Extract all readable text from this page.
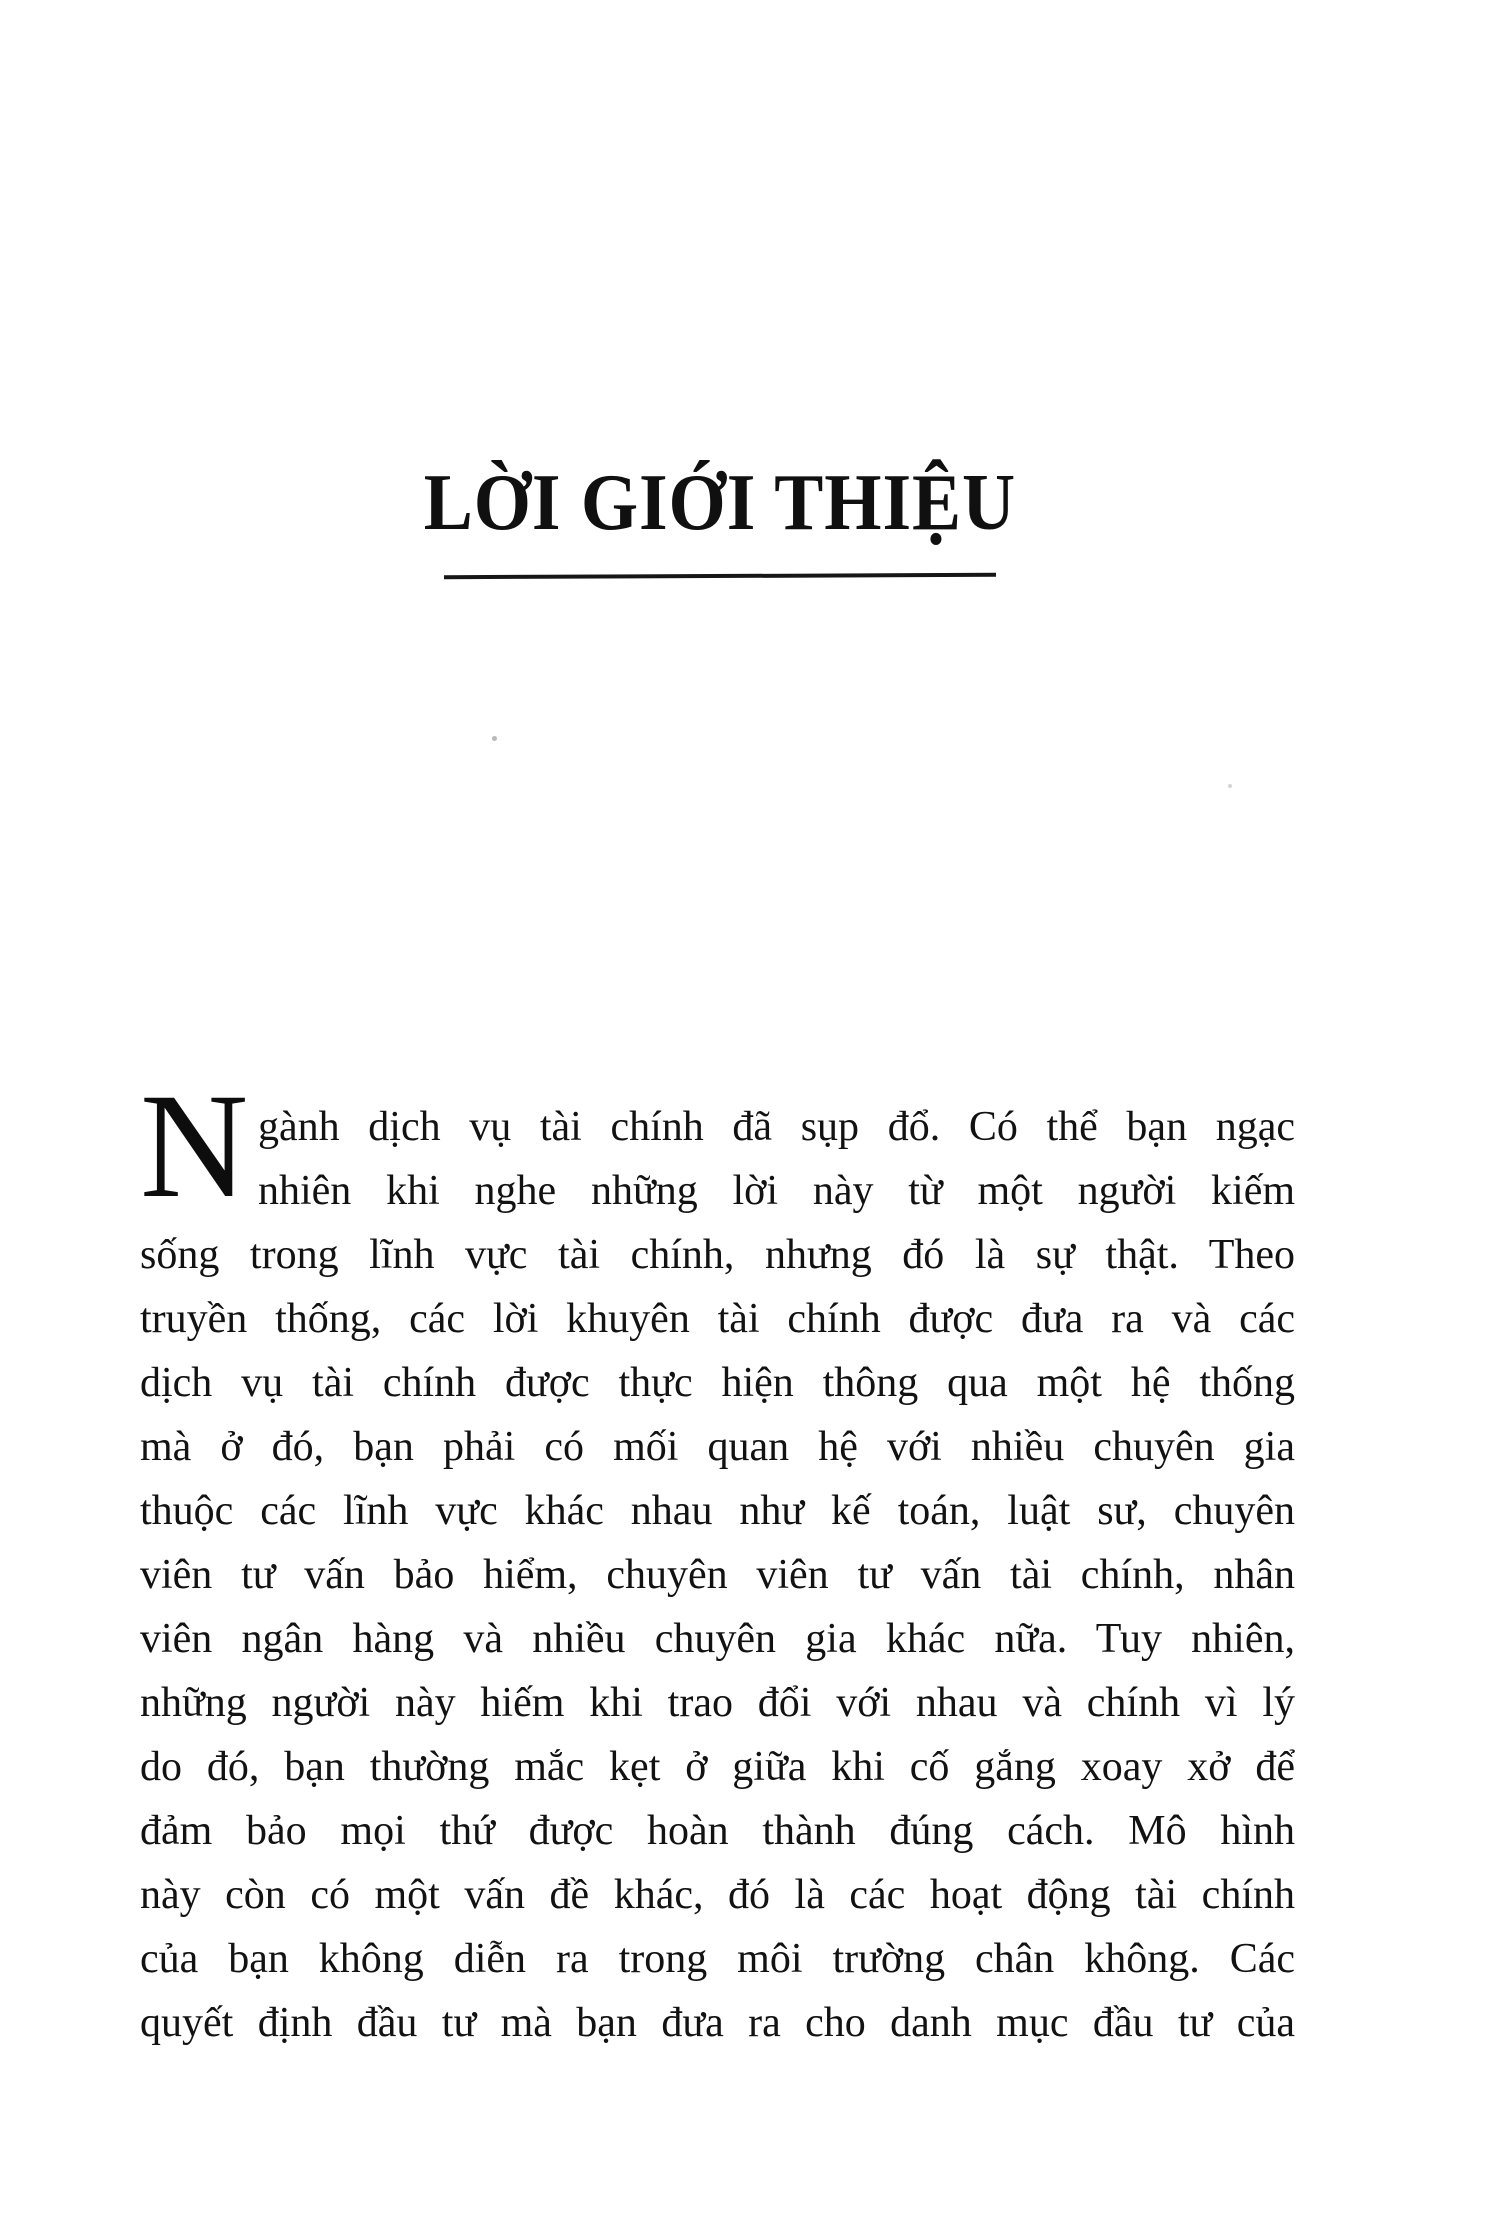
LỜI GIỚI THIỆU
N gành dịch vụ tài chính đã sụp đổ. Có thể bạn ngạc
nhiên khi nghe những lời này từ một người kiếm
sống trong lĩnh vực tài chính, nhưng đó là sự thật. Theo
truyền thống, các lời khuyên tài chính được đưa ra và các
dịch vụ tài chính được thực hiện thông qua một hệ thống
mà ở đó, bạn phải có mối quan hệ với nhiều chuyên gia
thuộc các lĩnh vực khác nhau như kế toán, luật sư, chuyên
viên tư vấn bảo hiểm, chuyên viên tư vấn tài chính, nhân
viên ngân hàng và nhiều chuyên gia khác nữa. Tuy nhiên,
những người này hiếm khi trao đổi với nhau và chính vì lý
do đó, bạn thường mắc kẹt ở giữa khi cố gắng xoay xở để
đảm bảo mọi thứ được hoàn thành đúng cách. Mô hình
này còn có một vấn đề khác, đó là các hoạt động tài chính
của bạn không diễn ra trong môi trường chân không. Các
quyết định đầu tư mà bạn đưa ra cho danh mục đầu tư của
